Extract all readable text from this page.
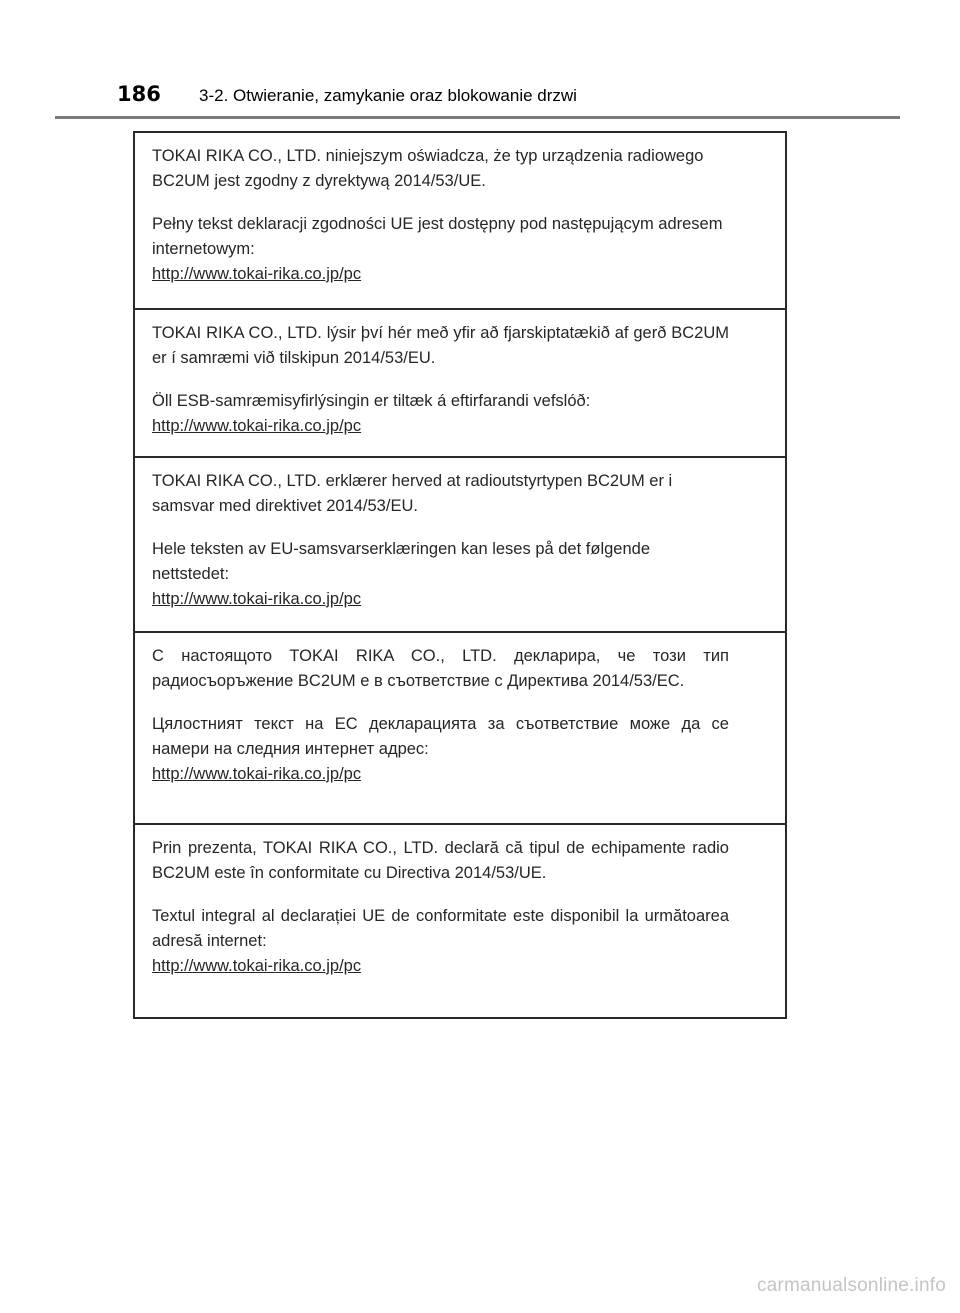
186 3-2. Otwieranie, zamykanie oraz blokowanie drzwi

TOKAI RIKA CO., LTD. niniejszym oświadcza, że typ urządzenia radiowego BC2UM jest zgodny z dyrektywą 2014/53/UE.

Pełny tekst deklaracji zgodności UE jest dostępny pod następującym adresem internetowym:
http://www.tokai-rika.co.jp/pc

TOKAI RIKA CO., LTD. lýsir því hér með yfir að fjarskiptatækið af gerð BC2UM er í samræmi við tilskipun 2014/53/EU.

Öll ESB-samræmisyfirlýsingin er tiltæk á eftirfarandi vefslóð:
http://www.tokai-rika.co.jp/pc

TOKAI RIKA CO., LTD. erklærer herved at radioutstyrtypen BC2UM er i samsvar med direktivet 2014/53/EU.

Hele teksten av EU-samsvarserklæringen kan leses på det følgende nettstedet:
http://www.tokai-rika.co.jp/pc

С настоящото TOKAI RIKA CO., LTD. декларира, че този тип радиосъоръжение BC2UM е в съответствие с Директива 2014/53/ЕС.

Цялостният текст на ЕС декларацията за съответствие може да се намери на следния интернет адрес:
http://www.tokai-rika.co.jp/pc

Prin prezenta, TOKAI RIKA CO., LTD. declară că tipul de echipamente radio BC2UM este în conformitate cu Directiva 2014/53/UE.

Textul integral al declarației UE de conformitate este disponibil la următoarea adresă internet:
http://www.tokai-rika.co.jp/pc

carmanualsonline.info
